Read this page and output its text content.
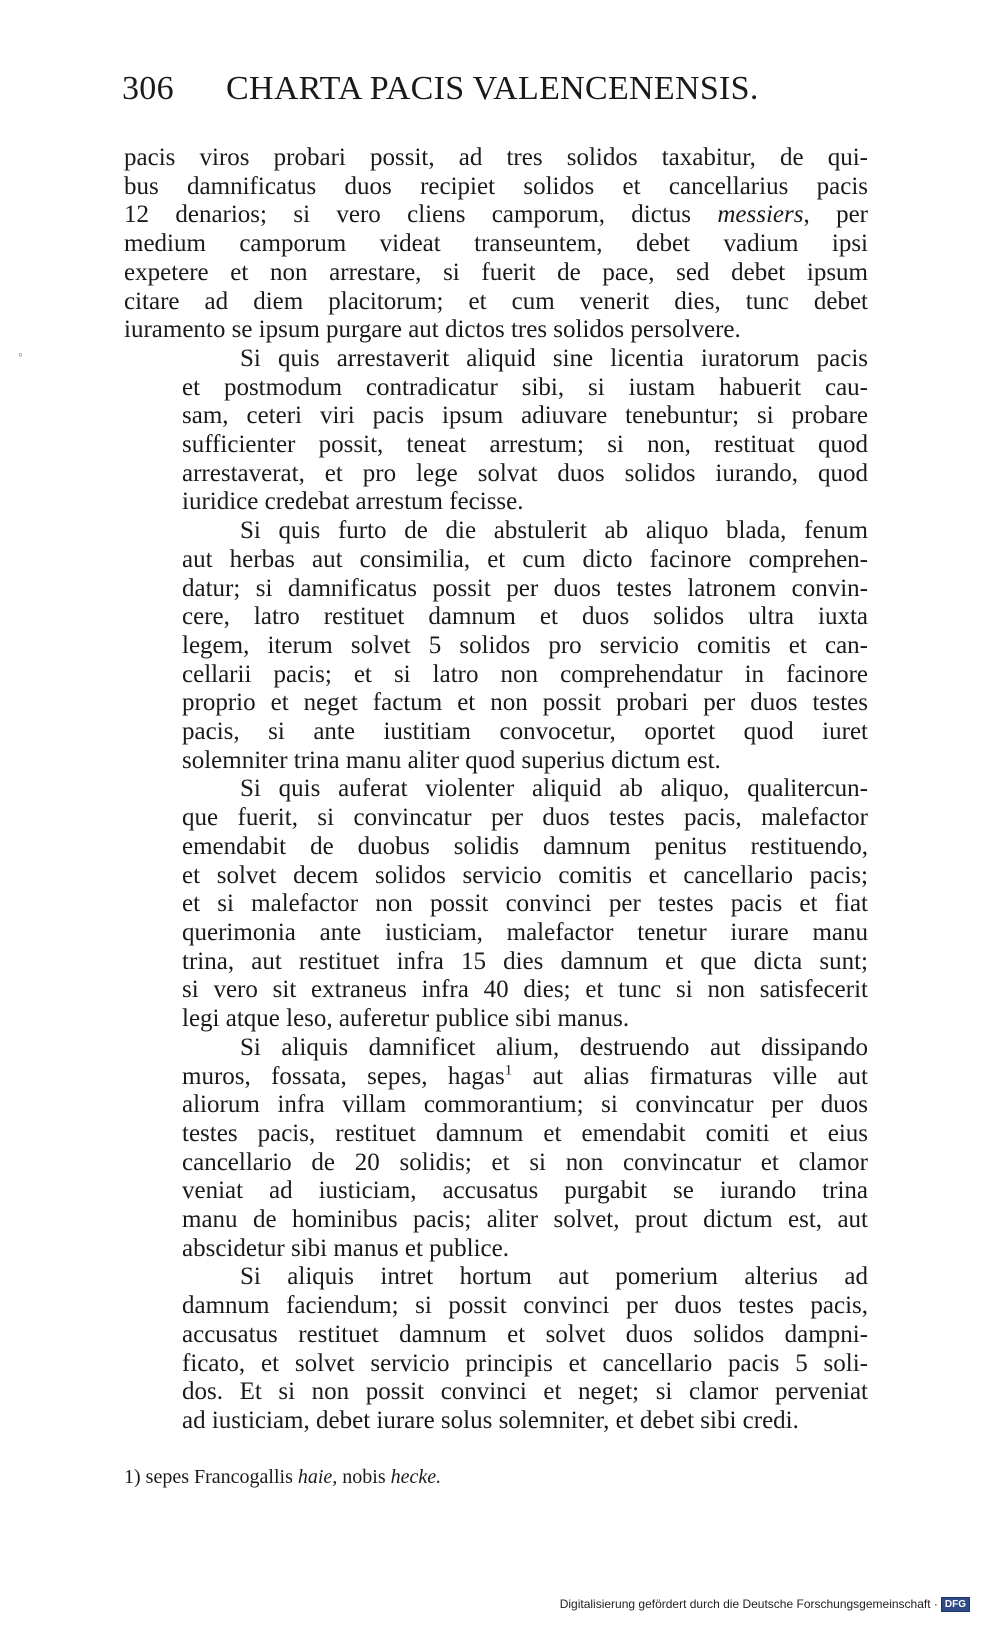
306 CHARTA PACIS VALENCENENSIS.
◦
pacis viros probari possit, ad tres solidos taxabitur, de qui-
bus damnificatus duos recipiet solidos et cancellarius pacis
12 denarios; si vero cliens camporum, dictus messiers, per
medium camporum videat transeuntem, debet vadium ipsi
expetere et non arrestare, si fuerit de pace, sed debet ipsum
citare ad diem placitorum; et cum venerit dies, tunc debet
iuramento se ipsum purgare aut dictos tres solidos persolvere.
Si quis arrestaverit aliquid sine licentia iuratorum pacis
et postmodum contradicatur sibi, si iustam habuerit cau-
sam, ceteri viri pacis ipsum adiuvare tenebuntur; si probare
sufficienter possit, teneat arrestum; si non, restituat quod
arrestaverat, et pro lege solvat duos solidos iurando, quod
iuridice credebat arrestum fecisse.
Si quis furto de die abstulerit ab aliquo blada, fenum
aut herbas aut consimilia, et cum dicto facinore comprehen-
datur; si damnificatus possit per duos testes latronem convin-
cere, latro restituet damnum et duos solidos ultra iuxta
legem, iterum solvet 5 solidos pro servicio comitis et can-
cellarii pacis; et si latro non comprehendatur in facinore
proprio et neget factum et non possit probari per duos testes
pacis, si ante iustitiam convocetur, oportet quod iuret
solemniter trina manu aliter quod superius dictum est.
Si quis auferat violenter aliquid ab aliquo, qualitercun-
que fuerit, si convincatur per duos testes pacis, malefactor
emendabit de duobus solidis damnum penitus restituendo,
et solvet decem solidos servicio comitis et cancellario pacis;
et si malefactor non possit convinci per testes pacis et fiat
querimonia ante iusticiam, malefactor tenetur iurare manu
trina, aut restituet infra 15 dies damnum et que dicta sunt;
si vero sit extraneus infra 40 dies; et tunc si non satisfecerit
legi atque leso, auferetur publice sibi manus.
Si aliquis damnificet alium, destruendo aut dissipando
muros, fossata, sepes, hagas$^1$ aut alias firmaturas ville aut
aliorum infra villam commorantium; si convincatur per duos
testes pacis, restituet damnum et emendabit comiti et eius
cancellario de 20 solidis; et si non convincatur et clamor
veniat ad iusticiam, accusatus purgabit se iurando trina
manu de hominibus pacis; aliter solvet, prout dictum est, aut
abscidetur sibi manus et publice.
Si aliquis intret hortum aut pomerium alterius ad
damnum faciendum; si possit convinci per duos testes pacis,
accusatus restituet damnum et solvet duos solidos dampni-
ficato, et solvet servicio principis et cancellario pacis 5 soli-
dos. Et si non possit convinci et neget; si clamor perveniat
ad iusticiam, debet iurare solus solemniter, et debet sibi credi.
1) sepes Francogallis haie, nobis hecke.
Digitalisierung gefördert durch die Deutsche Forschungsgemeinschaft · DFG
